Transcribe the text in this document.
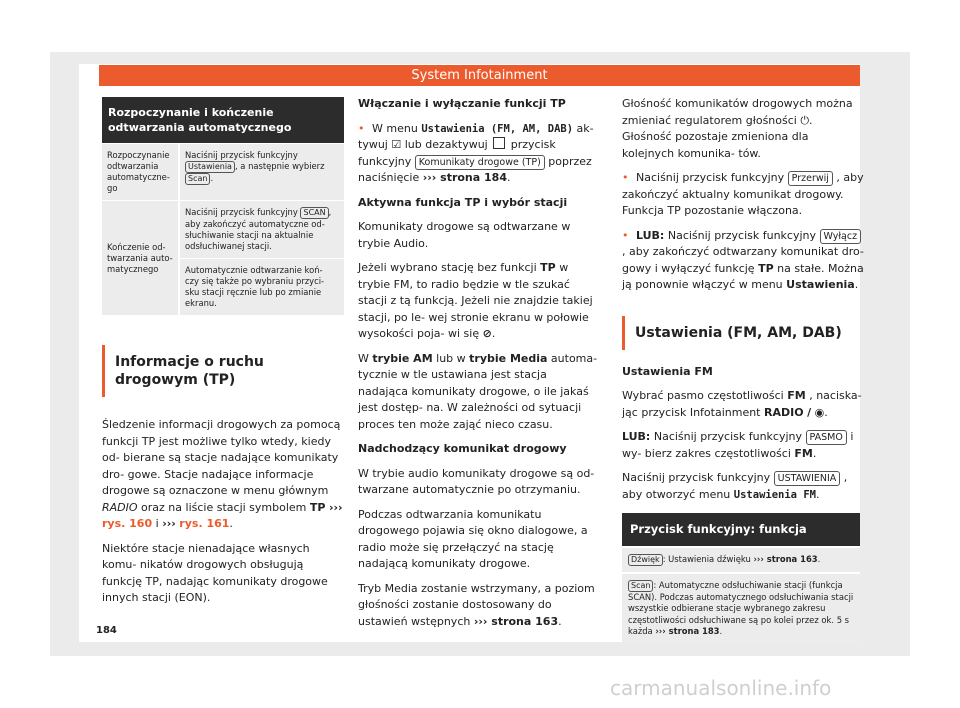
System Infotainment
Rozpoczynanie i kończenie odtwarzania automatycznego	
Rozpoczynanie odtwarzania automatyczne- go	Naciśnij przycisk funkcyjny Ustawienia , a następnie wybierz Scan .
Kończenie od- twarzania auto- matycznego	Naciśnij przycisk funkcyjny SCAN , aby zakończyć automatyczne od- słuchiwanie stacji na aktualnie odsłuchiwanej stacji.
	Automatycznie odtwarzanie koń- czy się także po wybraniu przyci- sku stacji ręcznie lub po zmianie ekranu.
Informacje o ruchu drogowym (TP)

Śledzenie informacji drogowych za pomocą funkcji TP jest możliwe tylko wtedy, kiedy od- bierane są stacje nadające komunikaty dro- gowe. Stacje nadające informacje drogowe są oznaczone w menu głównym RADIO oraz na liście stacji symbolem TP ››› rys. 160 i ››› rys. 161.

Niektóre stacje nienadające własnych komu- nikatów drogowych obsługują funkcję TP, nadając komunikaty drogowe innych stacji (EON).

Włączanie i wyłączanie funkcji TP

• W menu Ustawienia (FM, AM, DAB) ak- tywuj ☑ lub dezaktywuj przycisk funkcyjny Komunikaty drogowe (TP) poprzez naciśnięcie ››› strona 184.

Aktywna funkcja TP i wybór stacji

Komunikaty drogowe są odtwarzane w trybie Audio.

Jeżeli wybrano stację bez funkcji TP w trybie FM, to radio będzie w tle szukać stacji z tą funkcją. Jeżeli nie znajdzie takiej stacji, po le- wej stronie ekranu w połowie wysokości poja- wi się ⊘.

W trybie AM lub w trybie Media automa- tycznie w tle ustawiana jest stacja nadająca komunikaty drogowe, o ile jakaś jest dostęp- na. W zależności od sytuacji proces ten może zająć nieco czasu.

Nadchodzący komunikat drogowy

W trybie audio komunikaty drogowe są od- twarzane automatycznie po otrzymaniu.

Podczas odtwarzania komunikatu drogowego pojawia się okno dialogowe, a radio może się przełączyć na stację nadającą komunikaty drogowe.

Tryb Media zostanie wstrzymany, a poziom głośności zostanie dostosowany do ustawień wstępnych ››› strona 163.

Głośność komunikatów drogowych można zmieniać regulatorem głośności ⏻. Głośność pozostaje zmieniona dla kolejnych komunika- tów.

• Naciśnij przycisk funkcyjny Przerwij , aby zakończyć aktualny komunikat drogowy. Funkcja TP pozostanie włączona.

• LUB: Naciśnij przycisk funkcyjny Wyłącz , aby zakończyć odtwarzany komunikat dro- gowy i wyłączyć funkcję TP na stałe. Można ją ponownie włączyć w menu Ustawienia.

Ustawienia (FM, AM, DAB)

Ustawienia FM

Wybrać pasmo częstotliwości FM , naciska- jąc przycisk Infotainment RADIO / ◉.

LUB: Naciśnij przycisk funkcyjny PASMO i wy- bierz zakres częstotliwości FM.

Naciśnij przycisk funkcyjny USTAWIENIA , aby otworzyć menu Ustawienia FM.

Przycisk funkcyjny: funkcja
Dźwięk : Ustawienia dźwięku ››› strona 163.
Scan : Automatyczne odsłuchiwanie stacji (funkcja SCAN). Podczas automatycznego odsłuchiwania stacji wszystkie odbierane stacje wybranego zakresu częstotliwości odsłuchiwane są po kolei przez ok. 5 s każda ››› strona 183.
184
carmanualsonline.info
